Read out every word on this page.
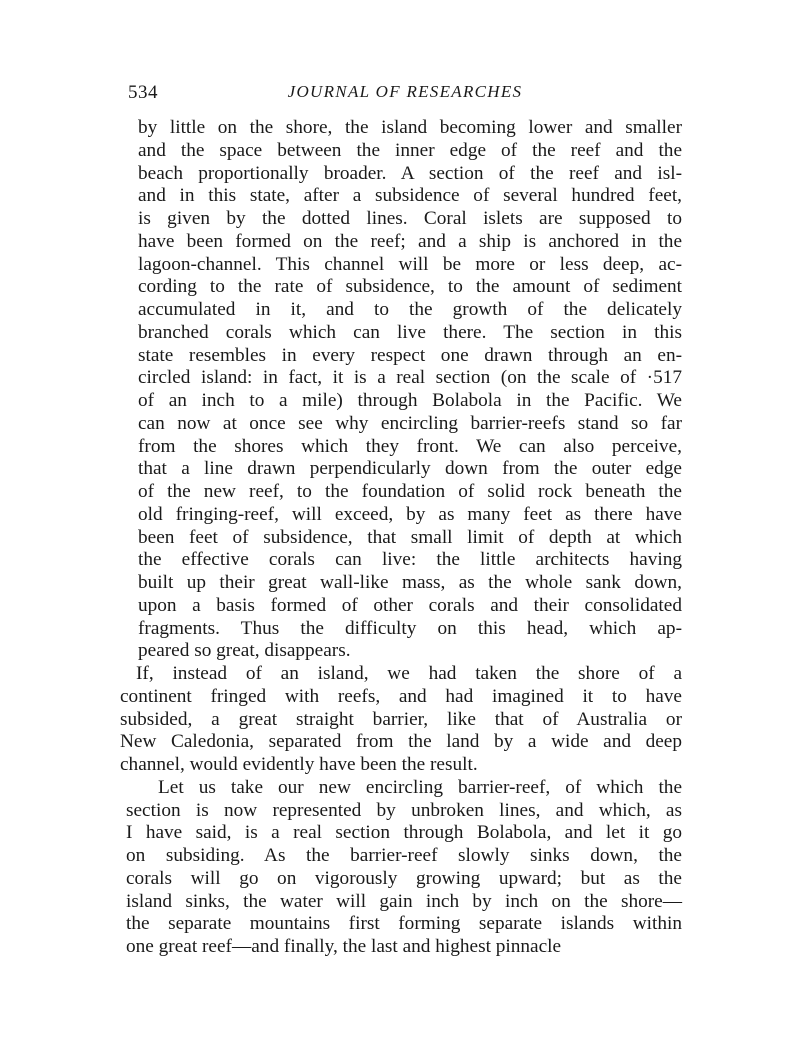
534	JOURNAL OF RESEARCHES
by little on the shore, the island becoming lower and smaller
and the space between the inner edge of the reef and the
beach proportionally broader. A section of the reef and isl-
and in this state, after a subsidence of several hundred feet,
is given by the dotted lines. Coral islets are supposed to
have been formed on the reef; and a ship is anchored in the
lagoon-channel. This channel will be more or less deep, ac-
cording to the rate of subsidence, to the amount of sediment
accumulated in it, and to the growth of the delicately
branched corals which can live there. The section in this
state resembles in every respect one drawn through an en-
circled island: in fact, it is a real section (on the scale of ·517
of an inch to a mile) through Bolabola in the Pacific. We
can now at once see why encircling barrier-reefs stand so far
from the shores which they front. We can also perceive,
that a line drawn perpendicularly down from the outer edge
of the new reef, to the foundation of solid rock beneath the
old fringing-reef, will exceed, by as many feet as there have
been feet of subsidence, that small limit of depth at which
the effective corals can live: the little architects having
built up their great wall-like mass, as the whole sank down,
upon a basis formed of other corals and their consolidated
fragments. Thus the difficulty on this head, which ap-
peared so great, disappears.
If, instead of an island, we had taken the shore of a
continent fringed with reefs, and had imagined it to have
subsided, a great straight barrier, like that of Australia or
New Caledonia, separated from the land by a wide and deep
channel, would evidently have been the result.
Let us take our new encircling barrier-reef, of which the
section is now represented by unbroken lines, and which, as
I have said, is a real section through Bolabola, and let it go
on subsiding. As the barrier-reef slowly sinks down, the
corals will go on vigorously growing upward; but as the
island sinks, the water will gain inch by inch on the shore—
the separate mountains first forming separate islands within
one great reef—and finally, the last and highest pinnacle
